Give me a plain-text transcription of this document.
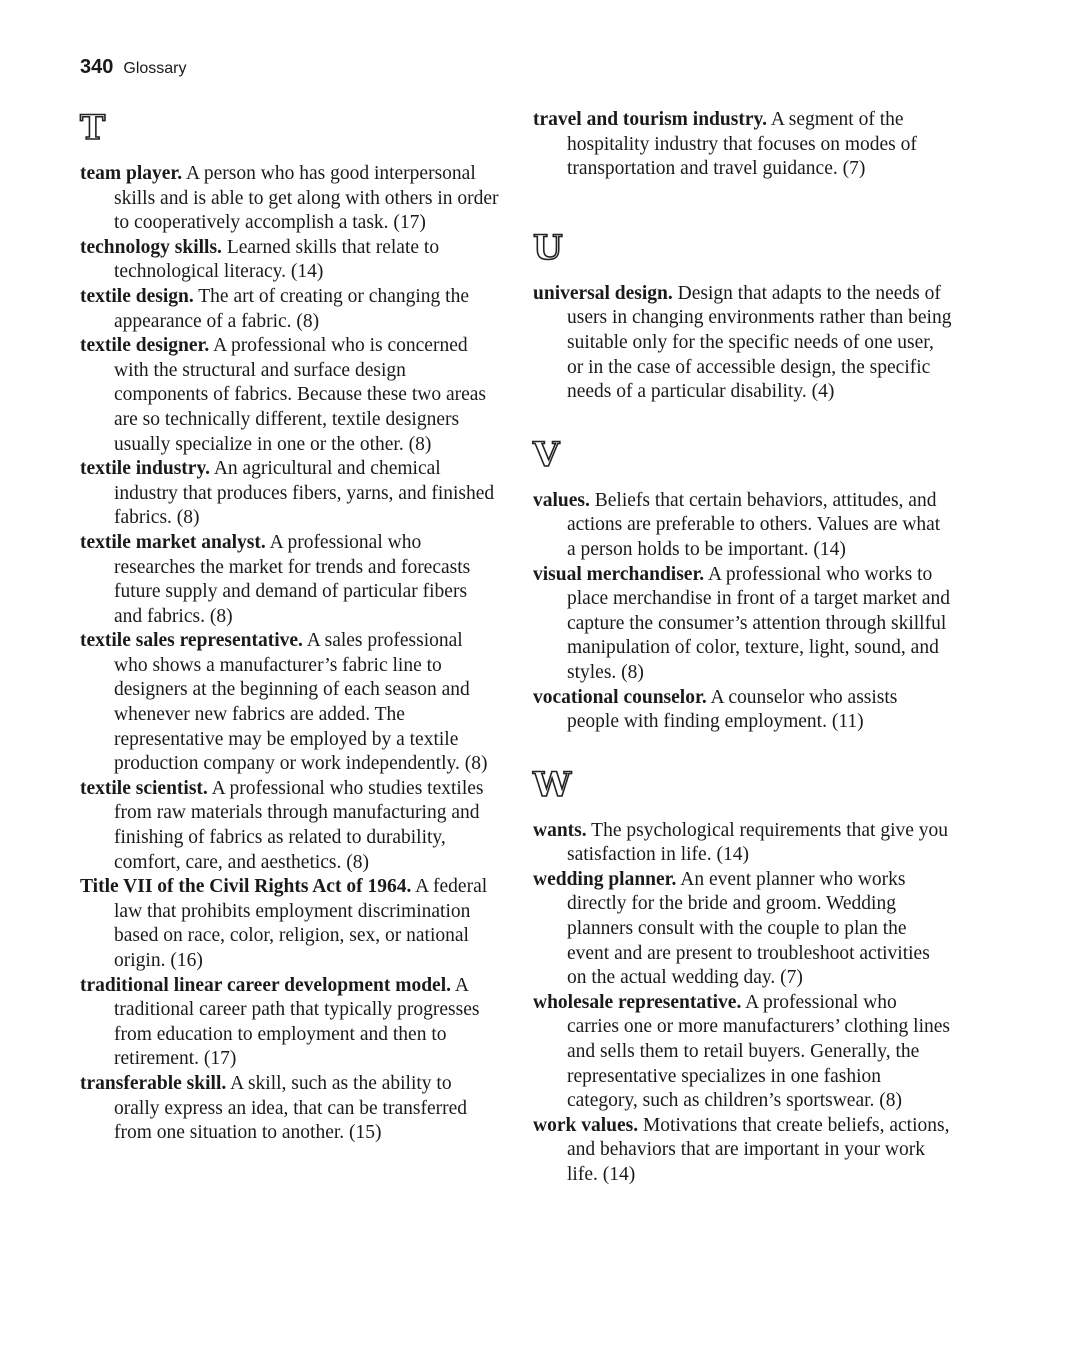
340 Glossary
T

team player. A person who has good interpersonal skills and is able to get along with others in order to cooperatively accomplish a task. (17)

technology skills. Learned skills that relate to technological literacy. (14)

textile design. The art of creating or changing the appearance of a fabric. (8)

textile designer. A professional who is concerned with the structural and surface design components of fabrics. Because these two areas are so technically different, textile designers usually specialize in one or the other. (8)

textile industry. An agricultural and chemical industry that produces fibers, yarns, and finished fabrics. (8)

textile market analyst. A professional who researches the market for trends and forecasts future supply and demand of particular fibers and fabrics. (8)

textile sales representative. A sales professional who shows a manufacturer’s fabric line to designers at the beginning of each season and whenever new fabrics are added. The representative may be employed by a textile production company or work independently. (8)

textile scientist. A professional who studies textiles from raw materials through manufacturing and finishing of fabrics as related to durability, comfort, care, and aesthetics. (8)

Title VII of the Civil Rights Act of 1964. A federal law that prohibits employment discrimination based on race, color, religion, sex, or national origin. (16)

traditional linear career development model. A traditional career path that typically progresses from education to employment and then to retirement. (17)

transferable skill. A skill, such as the ability to orally express an idea, that can be transferred from one situation to another. (15)

travel and tourism industry. A segment of the hospitality industry that focuses on modes of transportation and travel guidance. (7)

U

universal design. Design that adapts to the needs of users in changing environments rather than being suitable only for the specific needs of one user, or in the case of accessible design, the specific needs of a particular disability. (4)

V

values. Beliefs that certain behaviors, attitudes, and actions are preferable to others. Values are what a person holds to be important. (14)

visual merchandiser. A professional who works to place merchandise in front of a target market and capture the consumer’s attention through skillful manipulation of color, texture, light, sound, and styles. (8)

vocational counselor. A counselor who assists people with finding employment. (11)

W

wants. The psychological requirements that give you satisfaction in life. (14)

wedding planner. An event planner who works directly for the bride and groom. Wedding planners consult with the couple to plan the event and are present to troubleshoot activities on the actual wedding day. (7)

wholesale representative. A professional who carries one or more manufacturers’ clothing lines and sells them to retail buyers. Generally, the representative specializes in one fashion category, such as children’s sportswear. (8)

work values. Motivations that create beliefs, actions, and behaviors that are important in your work life. (14)
